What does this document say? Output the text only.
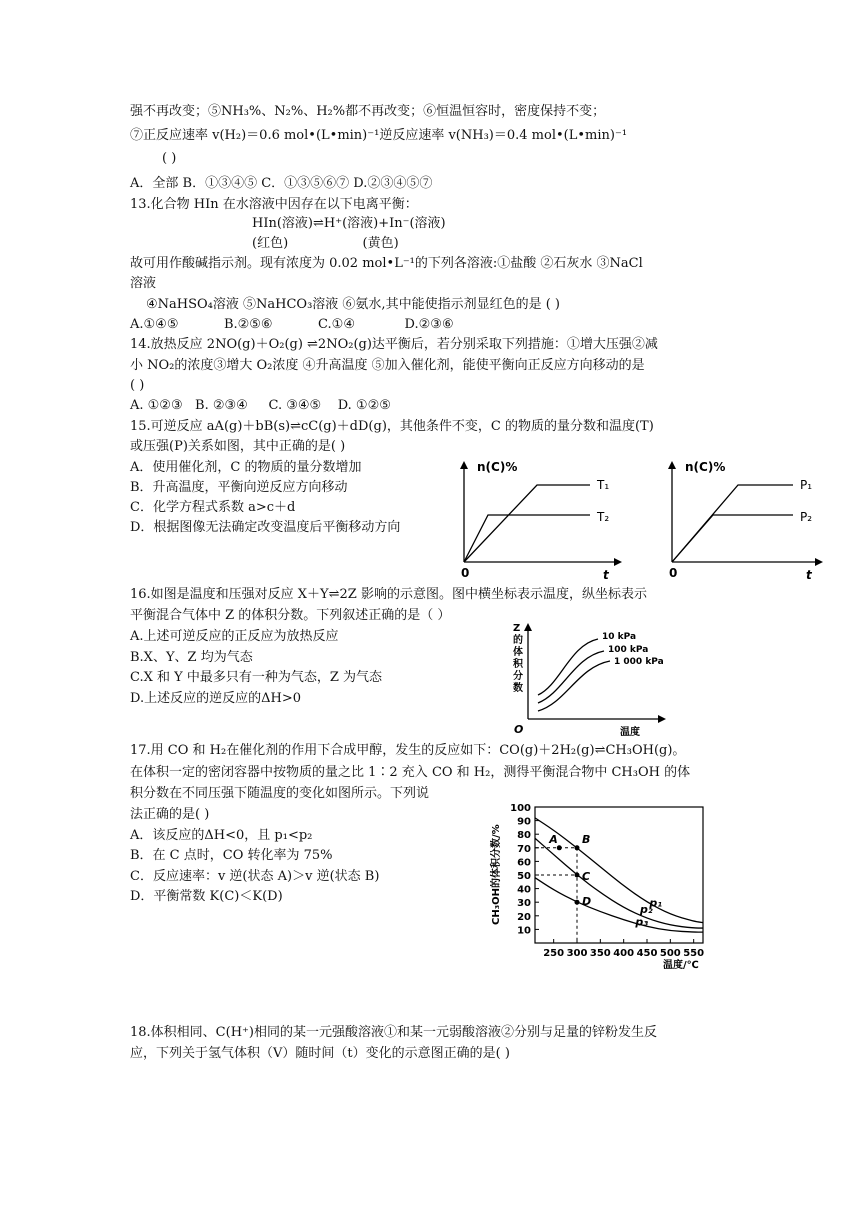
强不再改变；⑤NH₃%、N₂%、H₂%都不再改变；⑥恒温恒容时，密度保持不变；
⑦正反应速率 v(H₂)＝0.6 mol•(L•min)⁻¹逆反应速率 v(NH₃)＝0.4 mol•(L•min)⁻¹
( )
A．全部 B．①③④⑤ C．①③⑤⑥⑦ D.②③④⑤⑦
13.化合物 HIn 在水溶液中因存在以下电离平衡：
HIn(溶液)⇌H⁺(溶液)+In⁻(溶液)
(红色)                  (黄色)
故可用作酸碱指示剂。现有浓度为 0.02 mol•L⁻¹的下列各溶液:①盐酸 ②石灰水 ③NaCl
溶液
④NaHSO₄溶液 ⑤NaHCO₃溶液 ⑥氨水,其中能使指示剂显红色的是 ( )
A.①④⑤           B.②⑤⑥           C.①④            D.②③⑥
14.放热反应 2NO(g)＋O₂(g) ⇌2NO₂(g)达平衡后，若分别采取下列措施：①增大压强②减
小 NO₂的浓度③增大 O₂浓度 ④升高温度 ⑤加入催化剂，能使平衡向正反应方向移动的是
( )
A. ①②③   B. ②③④     C. ③④⑤    D. ①②⑤
15.可逆反应 aA(g)＋bB(s)⇌cC(g)＋dD(g)，其他条件不变，C 的物质的量分数和温度(T)
或压强(P)关系如图，其中正确的是( )
A．使用催化剂，C 的物质的量分数增加
B．升高温度，平衡向逆反应方向移动
C．化学方程式系数 a>c＋d
D．根据图像无法确定改变温度后平衡移动方向
n(C)%
t
0
T₁
T₂
n(C)%
t
0
P₁
P₂
16.如图是温度和压强对反应 X＋Y⇌2Z 影响的示意图。图中横坐标表示温度，纵坐标表示
平衡混合气体中 Z 的体积分数。下列叙述正确的是（ ）
A.上述可逆反应的正反应为放热反应
B.X、Y、Z 均为气态
C.X 和 Y 中最多只有一种为气态，Z 为气态
D.上述反应的逆反应的ΔH>0
Z
的
体
积
分
数
O	温度
10 kPa
100 kPa
1 000 kPa
17.用 CO 和 H₂在催化剂的作用下合成甲醇，发生的反应如下：CO(g)＋2H₂(g)⇌CH₃OH(g)。
在体积一定的密闭容器中按物质的量之比 1∶2 充入 CO 和 H₂，测得平衡混合物中 CH₃OH 的体
积分数在不同压强下随温度的变化如图所示。下列说
法正确的是( )
A．该反应的ΔH<0，且 p₁<p₂
B．在 C 点时，CO 转化率为 75%
C．反应速率：v 逆(状态 A)＞v 逆(状态 B)
D．平衡常数 K(C)＜K(D)
10
20
30
40
50
60
70
80
90
100
250 300 350 400 450 500 550
p₁
p₂
p₃
A B
C
D
CH₃OH的体积分数/%
温度/℃
18.体积相同、C(H⁺)相同的某一元强酸溶液①和某一元弱酸溶液②分别与足量的锌粉发生反
应，下列关于氢气体积（V）随时间（t）变化的示意图正确的是( )
